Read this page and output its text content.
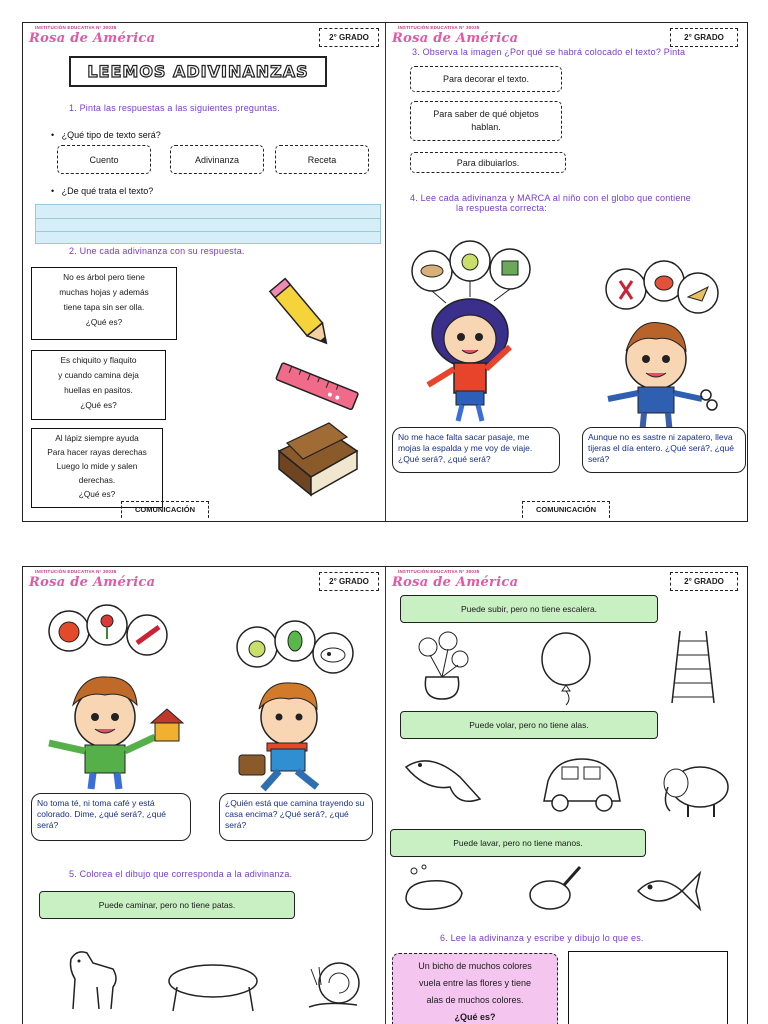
INSTITUCIÓN EDUCATIVA N° 30035
Rosa de América	2° GRADO
LEEMOS ADIVINANZAS
1. Pinta las respuestas a las siguientes preguntas.
•   ¿Qué tipo de texto será?
Cuento	Adivinanza	Receta
•   ¿De qué trata el texto?
2. Une cada adivinanza con su respuesta.
No es árbol pero tiene
muchas hojas y además
tiene tapa sin ser olla.
¿Qué es?
Es chiquito y flaquito
y cuando camina deja
huellas en pasitos.
¿Qué es?
Al lápiz siempre ayuda
Para hacer rayas derechas
Luego lo mide y salen
derechas.
¿Qué es?
COMUNICACIÓN
INSTITUCIÓN EDUCATIVA N° 30035
Rosa de América	2° GRADO
3. Observa la imagen ¿Por qué se habrá colocado el texto? Pinta
Para decorar el texto.
Para saber de qué objetos hablan.
Para dibuiarlos.
4. Lee cada adivinanza y MARCA al niño con el globo que contiene
la respuesta correcta:
No me hace falta sacar pasaje, me mojas la espalda y me voy de viaje. ¿Qué será?, ¿qué será?
Aunque no es sastre ni zapatero, lleva tijeras el día entero. ¿Qué será?, ¿qué será?
COMUNICACIÓN
INSTITUCIÓN EDUCATIVA N° 30035
Rosa de América	2° GRADO
No toma té, ni toma café y está colorado. Dime, ¿qué será?, ¿qué será?
¿Quién está que camina trayendo su casa encima? ¿Qué será?, ¿qué será?
5. Colorea el dibujo que corresponda a la adivinanza.
Puede caminar, pero no tiene patas.
INSTITUCIÓN EDUCATIVA N° 30035
Rosa de América	2° GRADO
Puede subir, pero no tiene escalera.
Puede volar, pero no tiene alas.
Puede lavar, pero no tiene manos.
6. Lee la adivinanza y escribe y dibujo lo que es.
Un bicho de muchos colores
vuela entre las flores y tiene
alas de muchos colores.
¿Qué es?
